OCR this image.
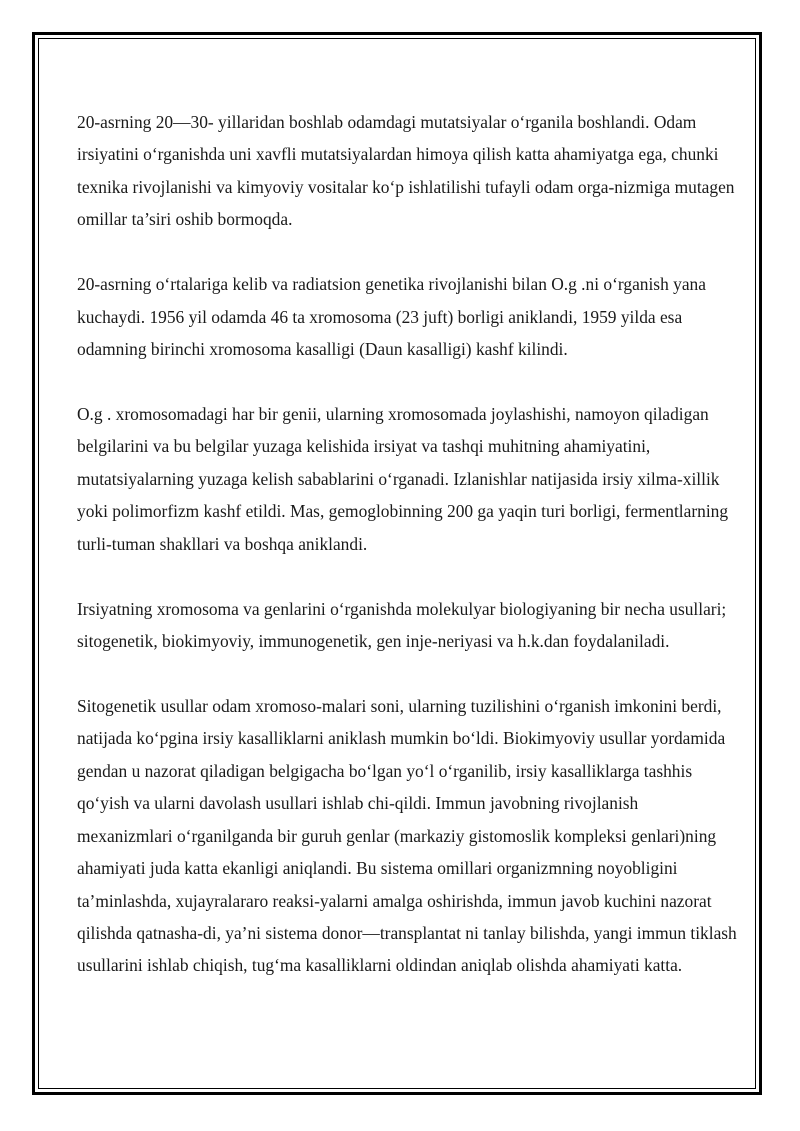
20-asrning 20—30- yillaridan boshlab odamdagi mutatsiyalar o‘rganila boshlandi. Odam irsiyatini o‘rganishda uni xavfli mutatsiyalardan himoya qilish katta ahamiyatga ega, chunki texnika rivojlanishi va kimyoviy vositalar ko‘p ishlatilishi tufayli odam orga-nizmiga mutagen omillar ta’siri oshib bormoqda.

20-asrning o‘rtalariga kelib va radiatsion genetika rivojlanishi bilan O.g .ni o‘rganish yana kuchaydi. 1956 yil odamda 46 ta xromosoma (23 juft) borligi aniklandi, 1959 yilda esa odamning birinchi xromosoma kasalligi (Daun kasalligi) kashf kilindi.

O.g . xromosomadagi har bir genii, ularning xromosomada joylashishi, namoyon qiladigan belgilarini va bu belgilar yuzaga kelishida irsiyat va tashqi muhitning ahamiyatini, mutatsiyalarning yuzaga kelish sabablarini o‘rganadi. Izlanishlar natijasida irsiy xilma-xillik yoki polimorfizm kashf etildi. Mas, gemoglobinning 200 ga yaqin turi borligi, fermentlarning turli-tuman shakllari va boshqa aniklandi.

Irsiyatning xromosoma va genlarini o‘rganishda molekulyar biologiyaning bir necha usullari; sitogenetik, biokimyoviy, immunogenetik, gen inje-neriyasi va h.k.dan foydalaniladi.

Sitogenetik usullar odam xromoso-malari soni, ularning tuzilishini o‘rganish imkonini berdi, natijada ko‘pgina irsiy kasalliklarni aniklash mumkin bo‘ldi. Biokimyoviy usullar yordamida gendan u nazorat qiladigan belgigacha bo‘lgan yo‘l o‘rganilib, irsiy kasalliklarga tashhis qo‘yish va ularni davolash usullari ishlab chi-qildi. Immun javobning rivojlanish mexanizmlari o‘rganilganda bir guruh genlar (markaziy gistomoslik kompleksi genlari)ning ahamiyati juda katta ekanligi aniqlandi. Bu sistema omillari organizmning noyobligini ta’minlashda, xujayralararo reaksi-yalarni amalga oshirishda, immun javob kuchini nazorat qilishda qatnasha-di, ya’ni sistema donor—transplantat ni tanlay bilishda, yangi immun tiklash usullarini ishlab chiqish, tug‘ma kasalliklarni oldindan aniqlab olishda ahamiyati katta.
